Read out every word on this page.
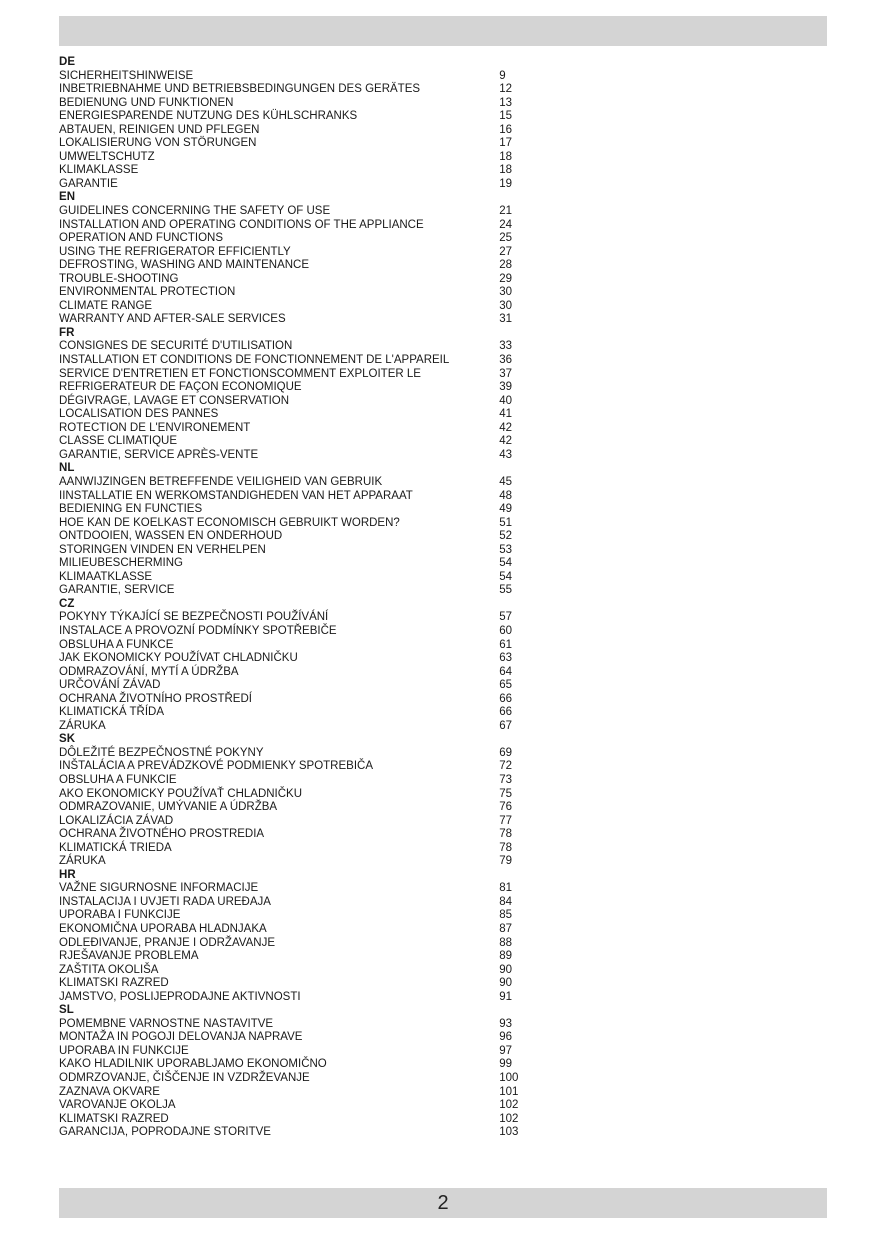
DE
SICHERHEITSHINWEISE	9
INBETRIEBNAHME UND BETRIEBSBEDINGUNGEN DES GERÄTES	12
BEDIENUNG UND FUNKTIONEN	13
ENERGIESPARENDE NUTZUNG DES KÜHLSCHRANKS	15
ABTAUEN, REINIGEN UND PFLEGEN	16
LOKALISIERUNG VON STÖRUNGEN	17
UMWELTSCHUTZ	18
KLIMAKLASSE	18
GARANTIE	19
EN
GUIDELINES CONCERNING THE SAFETY OF USE	21
INSTALLATION AND OPERATING CONDITIONS OF THE APPLIANCE	24
OPERATION AND FUNCTIONS	25
USING THE REFRIGERATOR EFFICIENTLY	27
DEFROSTING, WASHING AND MAINTENANCE	28
TROUBLE-SHOOTING	29
ENVIRONMENTAL PROTECTION	30
CLIMATE RANGE	30
WARRANTY AND AFTER-SALE SERVICES	31
FR
CONSIGNES DE SECURITÉ D'UTILISATION	33
INSTALLATION ET CONDITIONS DE FONCTIONNEMENT DE L'APPAREIL	36
SERVICE D'ENTRETIEN ET FONCTIONSCOMMENT EXPLOITER LE	37
REFRIGERATEUR DE FAÇON ECONOMIQUE	39
DÉGIVRAGE, LAVAGE ET CONSERVATION	40
LOCALISATION DES PANNES	41
ROTECTION DE L'ENVIRONEMENT	42
CLASSE CLIMATIQUE	42
GARANTIE, SERVICE APRÈS-VENTE	43
NL
AANWIJZINGEN BETREFFENDE VEILIGHEID VAN GEBRUIK	45
IINSTALLATIE EN WERKOMSTANDIGHEDEN VAN HET APPARAAT	48
BEDIENING EN FUNCTIES	49
HOE KAN DE KOELKAST ECONOMISCH GEBRUIKT WORDEN?	51
ONTDOOIEN, WASSEN EN ONDERHOUD	52
STORINGEN VINDEN EN VERHELPEN	53
MILIEUBESCHERMING	54
KLIMAATKLASSE	54
GARANTIE, SERVICE	55
CZ
POKYNY TÝKAJÍCÍ SE BEZPEČNOSTI POUŽÍVÁNÍ	57
INSTALACE A PROVOZNÍ PODMÍNKY SPOTŘEBIČE	60
OBSLUHA A FUNKCE	61
JAK EKONOMICKY POUŽÍVAT CHLADNIČKU	63
ODMRAZOVÁNÍ, MYTÍ A ÚDRŽBA	64
URČOVÁNÍ ZÁVAD	65
OCHRANA ŽIVOTNÍHO PROSTŘEDÍ	66
KLIMATICKÁ TŘÍDA	66
ZÁRUKA	67
SK
DÔLEŽITÉ BEZPEČNOSTNÉ POKYNY	69
INŠTALÁCIA A PREVÁDZKOVÉ PODMIENKY SPOTREBIČA	72
OBSLUHA A FUNKCIE	73
AKO EKONOMICKY POUŽÍVAŤ CHLADNIČKU	75
ODMRAZOVANIE, UMÝVANIE A ÚDRŽBA	76
LOKALIZÁCIA ZÁVAD	77
OCHRANA ŽIVOTNÉHO PROSTREDIA	78
KLIMATICKÁ TRIEDA	78
ZÁRUKA	79
HR
VAŽNE SIGURNOSNE INFORMACIJE	81
INSTALACIJA I UVJETI RADA UREĐAJA	84
UPORABA I FUNKCIJE	85
EKONOMIČNA UPORABA HLADNJAKA	87
ODLEĐIVANJE, PRANJE I ODRŽAVANJE	88
RJEŠAVANJE PROBLEMA	89
ZAŠTITA OKOLIŠA	90
KLIMATSKI RAZRED	90
JAMSTVO, POSLIJEPRODAJNE AKTIVNOSTI	91
SL
POMEMBNE VARNOSTNE NASTAVITVE	93
MONTAŽA IN POGOJI DELOVANJA NAPRAVE	96
UPORABA IN FUNKCIJE	97
KAKO HLADILNIK UPORABLJAMO EKONOMIČNO	99
ODMRZOVANJE, ČIŠČENJE IN VZDRŽEVANJE	100
ZAZNAVA OKVARE	101
VAROVANJE OKOLJA	102
KLIMATSKI RAZRED	102
GARANCIJA, POPRODAJNE STORITVE	103
2
